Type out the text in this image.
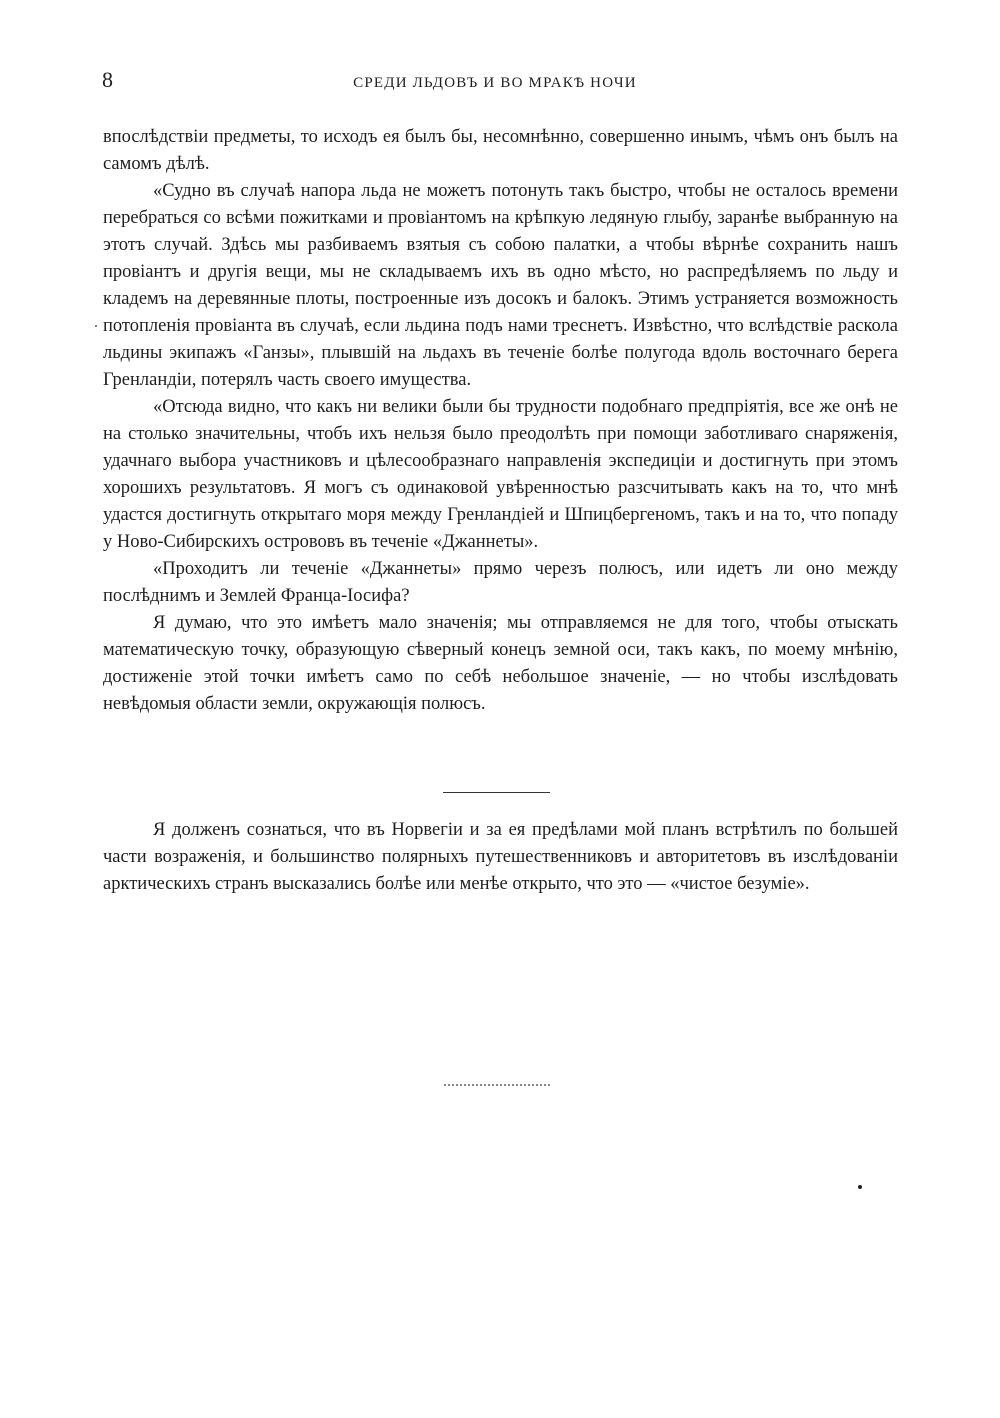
8	СРЕДИ ЛЬДОВЪ И ВО МРАКѢ НОЧИ

впослѣдствіи предметы, то исходъ ея былъ бы, несомнѣнно, совершенно инымъ, чѣмъ онъ былъ на самомъ дѣлѣ.

«Судно въ случаѣ напора льда не можетъ потонуть такъ быстро, чтобы не осталось времени перебраться со всѣми пожитками и провіантомъ на крѣпкую ледяную глыбу, заранѣе выбранную на этотъ случай. Здѣсь мы разбиваемъ взятыя съ собою палатки, а чтобы вѣрнѣе сохранить нашъ провіантъ и другія вещи, мы не складываемъ ихъ въ одно мѣсто, но распредѣляемъ по льду и кладемъ на деревянные плоты, построенные изъ досокъ и балокъ. Этимъ устраняется возможность потопленія провіанта въ случаѣ, если льдина подъ нами треснетъ. Извѣстно, что вслѣдствіе раскола льдины экипажъ «Ганзы», плывшій на льдахъ въ теченіе болѣе полугода вдоль восточнаго берега Гренландіи, потерялъ часть своего имущества.

«Отсюда видно, что какъ ни велики были бы трудности подобнаго предпріятія, все же онѣ не на столько значительны, чтобъ ихъ нельзя было преодолѣть при помощи заботливаго снаряженія, удачнаго выбора участниковъ и цѣлесообразнаго направленія экспедиціи и достигнуть при этомъ хорошихъ результатовъ. Я могъ съ одинаковой увѣренностью разсчитывать какъ на то, что мнѣ удастся достигнуть открытаго моря между Гренландіей и Шпицбергеномъ, такъ и на то, что попаду у Ново-Сибирскихъ острововъ въ теченіе «Джаннеты».

«Проходитъ ли теченіе «Джаннеты» прямо черезъ полюсъ, или идетъ ли оно между послѣднимъ и Землей Франца-Іосифа?

Я думаю, что это имѣетъ мало значенія; мы отправляемся не для того, чтобы отыскать математическую точку, образующую сѣверный конецъ земной оси, такъ какъ, по моему мнѣнію, достиженіе этой точки имѣетъ само по себѣ небольшое значеніе, — но чтобы изслѣдовать невѣдомыя области земли, окружающія полюсъ.

Я долженъ сознаться, что въ Норвегіи и за ея предѣлами мой планъ встрѣтилъ по большей части возраженія, и большинство полярныхъ путешественниковъ и авторитетовъ въ изслѣдованіи арктическихъ странъ высказались болѣе или менѣе открыто, что это — «чистое безуміе».
